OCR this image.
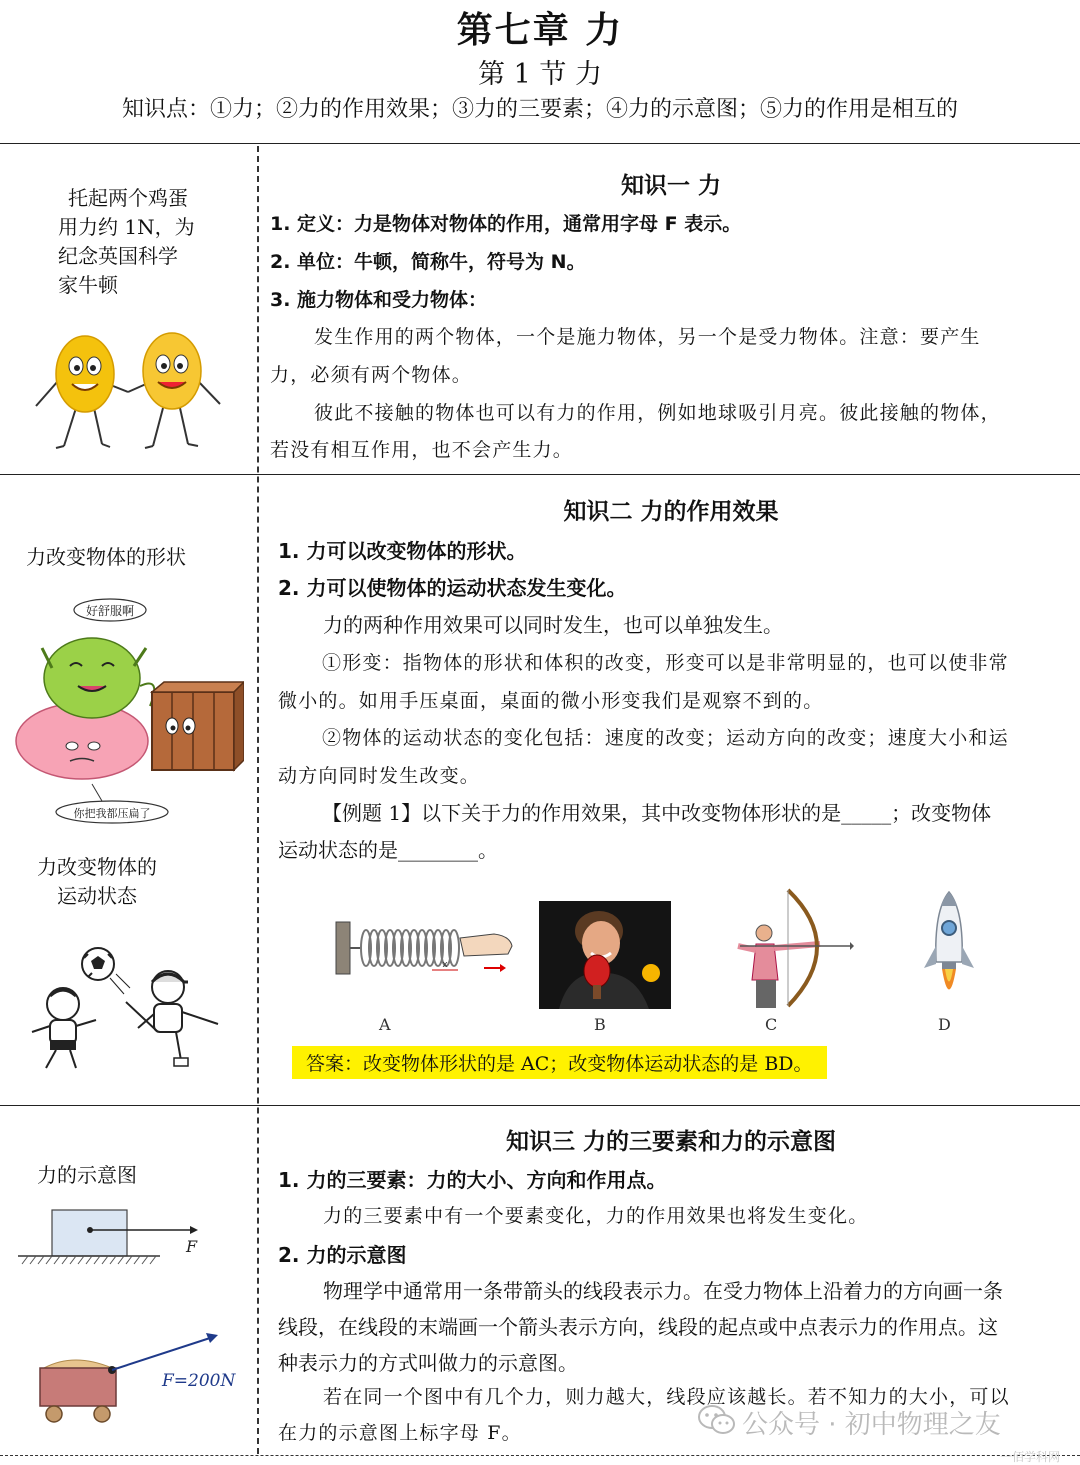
第七章 力
第 1 节 力
知识点：①力；②力的作用效果；③力的三要素；④力的示意图；⑤力的作用是相互的
托起两个鸡蛋
用力约 1N，为
纪念英国科学
家牛顿
知识一 力
1. 定义：力是物体对物体的作用，通常用字母 F 表示。
2. 单位：牛顿，简称牛，符号为 N。
3. 施力物体和受力物体：
发生作用的两个物体，一个是施力物体，另一个是受力物体。注意：要产生
力，必须有两个物体。
彼此不接触的物体也可以有力的作用，例如地球吸引月亮。彼此接触的物体，
若没有相互作用，也不会产生力。
力改变物体的形状
好舒服啊
你把我都压扁了
力改变物体的
运动状态
知识二 力的作用效果
1. 力可以改变物体的形状。
2. 力可以使物体的运动状态发生变化。
力的两种作用效果可以同时发生，也可以单独发生。
①形变：指物体的形状和体积的改变，形变可以是非常明显的，也可以使非常
微小的。如用手压桌面，桌面的微小形变我们是观察不到的。
②物体的运动状态的变化包括：速度的改变；运动方向的改变；速度大小和运
动方向同时发生改变。
【例题 1】以下关于力的作用效果，其中改变物体形状的是_____；改变物体
运动状态的是________。
x
A	B	C	D
答案：改变物体形状的是 AC；改变物体运动状态的是 BD。
力的示意图
F
F=200N
知识三 力的三要素和力的示意图
1. 力的三要素：力的大小、方向和作用点。
力的三要素中有一个要素变化，力的作用效果也将发生变化。
2. 力的示意图
物理学中通常用一条带箭头的线段表示力。在受力物体上沿着力的方向画一条
线段，在线段的末端画一个箭头表示方向，线段的起点或中点表示力的作用点。这
种表示力的方式叫做力的示意图。
若在同一个图中有几个力，则力越大，线段应该越长。若不知力的大小，可以
在力的示意图上标字母 F。	公众号 · 初中物理之友
一佰学科网
